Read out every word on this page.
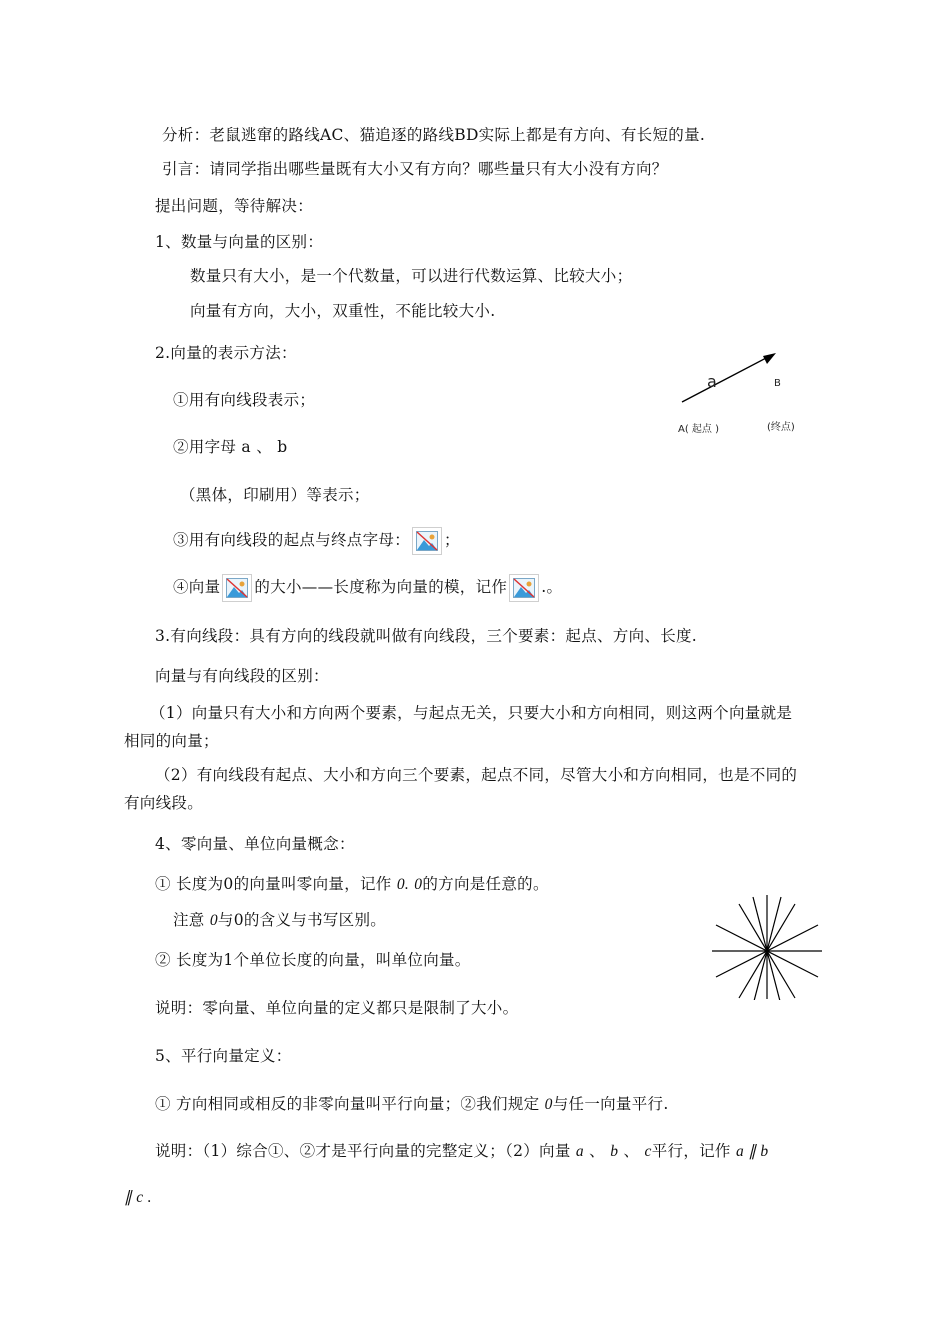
分析：老鼠逃窜的路线AC、猫追逐的路线BD实际上都是有方向、有长短的量.
引言：请同学指出哪些量既有大小又有方向？哪些量只有大小没有方向？
提出问题，等待解决：
1、数量与向量的区别：
数量只有大小，是一个代数量，可以进行代数运算、比较大小；
向量有方向，大小，双重性，不能比较大小.
2.向量的表示方法：
①用有向线段表示；
②用字母 a 、 b
（黑体，印刷用）等表示；
③用有向线段的起点与终点字母： ；
④向量 的大小——长度称为向量的模，记作 .。
3.有向线段：具有方向的线段就叫做有向线段，三个要素：起点、方向、长度.
向量与有向线段的区别：
（1）向量只有大小和方向两个要素，与起点无关，只要大小和方向相同，则这两个向量就是
相同的向量；
（2）有向线段有起点、大小和方向三个要素，起点不同，尽管大小和方向相同，也是不同的
有向线段。
4、零向量、单位向量概念：
① 长度为0的向量叫零向量，记作 0. 0的方向是任意的。
注意 0与0的含义与书写区别。
② 长度为1个单位长度的向量，叫单位向量。
说明：零向量、单位向量的定义都只是限制了大小。
5、平行向量定义：
① 方向相同或相反的非零向量叫平行向量；②我们规定 0与任一向量平行.
说明：（1）综合①、②才是平行向量的完整定义；（2）向量 a 、 b 、 c平行，记作 a ∥ b
∥ c .
a	B
A( 起点 )	(终点)
